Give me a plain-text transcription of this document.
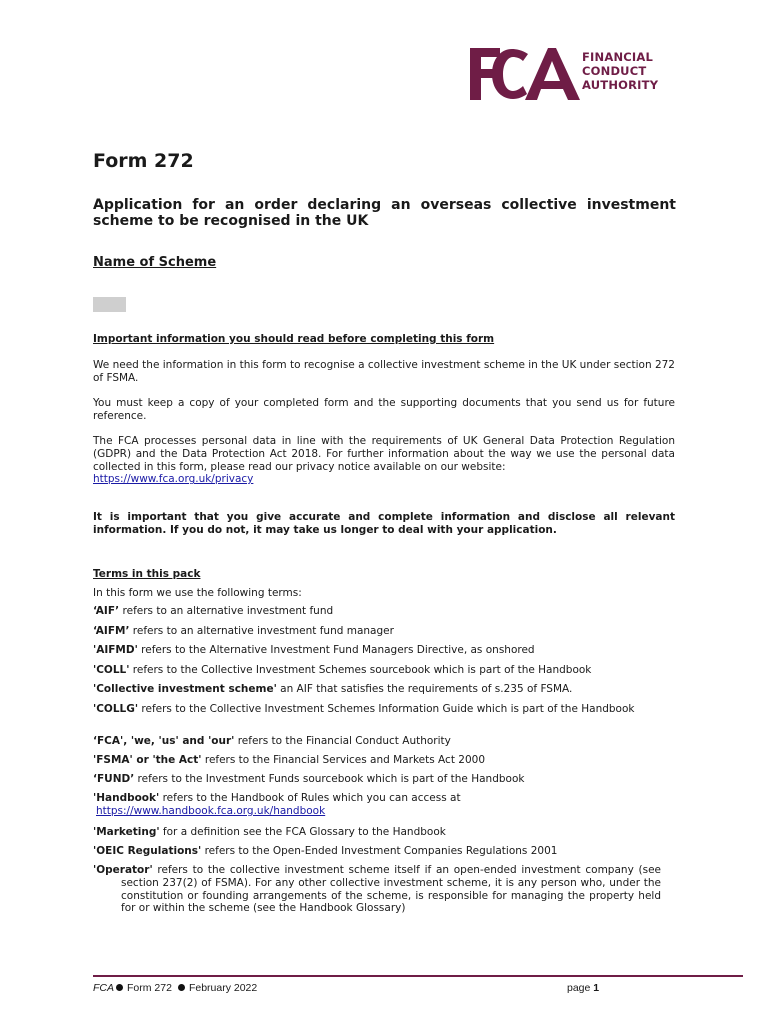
FINANCIAL
CONDUCT
AUTHORITY
Form 272
Application for an order declaring an overseas collective investment scheme to be recognised in the UK
Name of Scheme
Important information you should read before completing this form
We need the information in this form to recognise a collective investment scheme in the UK under section 272 of FSMA.
You must keep a copy of your completed form and the supporting documents that you send us for future reference.
The FCA processes personal data in line with the requirements of UK General Data Protection Regulation (GDPR) and the Data Protection Act 2018. For further information about the way we use the personal data collected in this form, please read our privacy notice available on our website:
https://www.fca.org.uk/privacy
It is important that you give accurate and complete information and disclose all relevant information. If you do not, it may take us longer to deal with your application.
Terms in this pack
In this form we use the following terms:
‘AIF’ refers to an alternative investment fund
‘AIFM’ refers to an alternative investment fund manager
'AIFMD' refers to the Alternative Investment Fund Managers Directive, as onshored
'COLL' refers to the Collective Investment Schemes sourcebook which is part of the Handbook
'Collective investment scheme' an AIF that satisfies the requirements of s.235 of FSMA.
'COLLG' refers to the Collective Investment Schemes Information Guide which is part of the Handbook
‘FCA', 'we, 'us' and 'our' refers to the Financial Conduct Authority
'FSMA' or 'the Act' refers to the Financial Services and Markets Act 2000
‘FUND’ refers to the Investment Funds sourcebook which is part of the Handbook
'Handbook' refers to the Handbook of Rules which you can access at
https://www.handbook.fca.org.uk/handbook
'Marketing' for a definition see the FCA Glossary to the Handbook
'OEIC Regulations' refers to the Open-Ended Investment Companies Regulations 2001
'Operator' refers to the collective investment scheme itself if an open-ended investment company (see section 237(2) of FSMA). For any other collective investment scheme, it is any person who, under the constitution or founding arrangements of the scheme, is responsible for managing the property held for or within the scheme (see the Handbook Glossary)
FCA Form 272 February 2022	page 1
